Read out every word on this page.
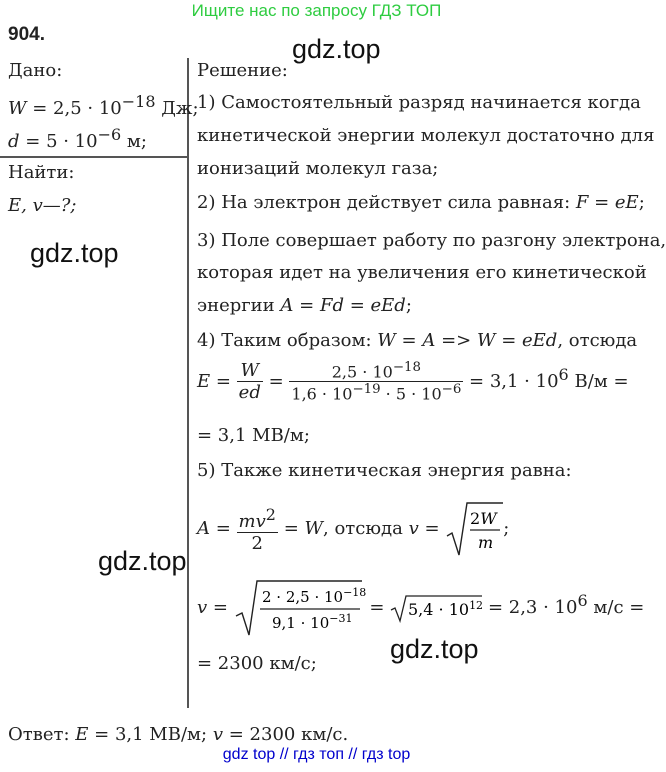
Ищите нас по запросу ГДЗ ТОП
904.
Дано:
$W = 2,5 \cdot 10^{-18}$ Дж;
$d = 5 \cdot 10^{-6}$ м;
Найти:
E, v—?;
Решение:
1) Самостоятельный разряд начинается когда
кинетической энергии молекул достаточно для
ионизаций молекул газа;
2) На электрон действует сила равная: F = eE;
3) Поле совершает работу по разгону электрона,
которая идет на увеличения его кинетической
энергии A = Fd = eEd;
4) Таким образом: W = A => W = eEd, отсюда
$E = \frac{W}{ed} = \frac{2,5 \cdot 10^{-18}}{1,6 \cdot 10^{-19} \cdot 5 \cdot 10^{-6}} = 3,1 \cdot 10^6$ В/м =
= 3,1 МВ/м;
5) Также кинетическая энергия равна:
$A = \frac{mv^2}{2} = W$, отсюда v = 2W
m
;
$v = 2 \cdot 2,5 \cdot 10^{-18}$
$9,1 \cdot 10^{-31}$
= $5,4 \cdot 10^{12}$
= $2,3 \cdot 10^6$ м/с =
= 2300 км/с;
Ответ: E = 3,1 МВ/м; v = 2300 км/с.
gdz.top
gdz.top
gdz.top
gdz.top
gdz top // гдз топ // гдз top
